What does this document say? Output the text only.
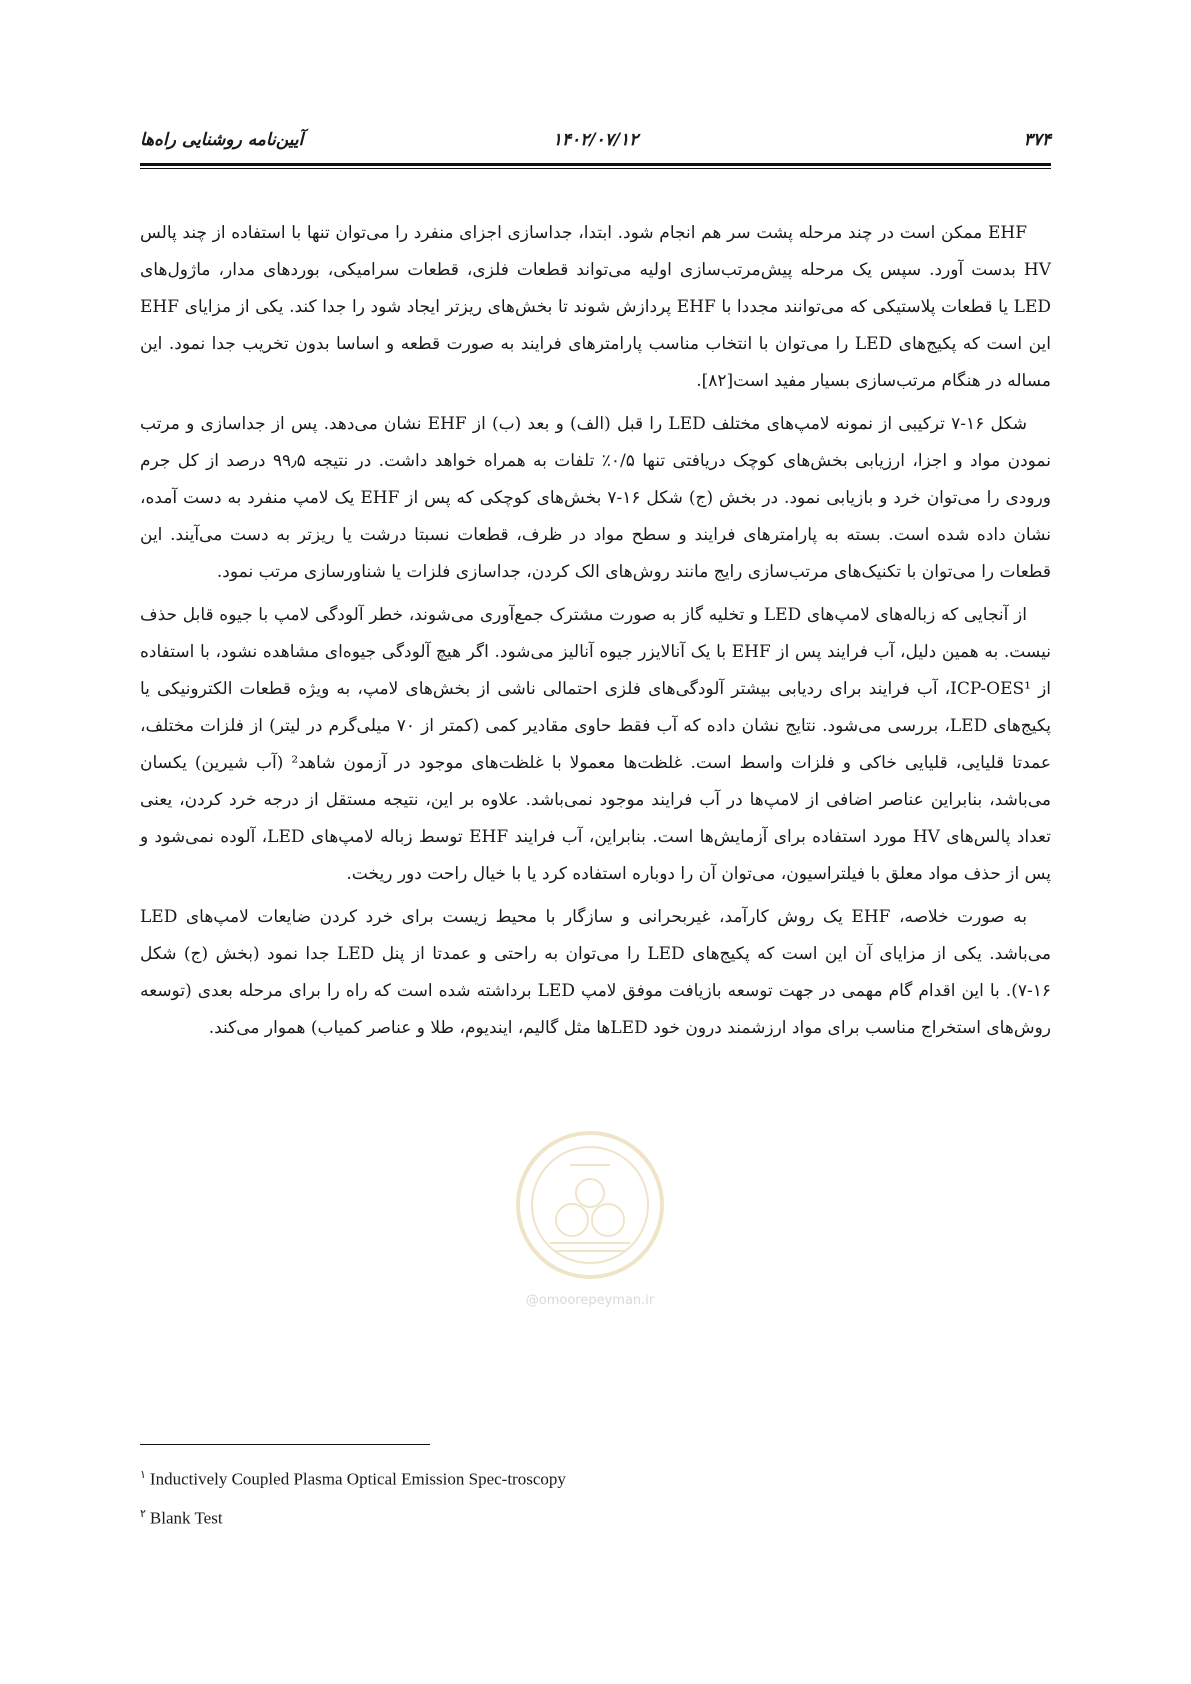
۳۷۴
۱۴۰۲/۰۷/۱۲
آیین‌نامه روشنایی راه‌ها

EHF ممکن است در چند مرحله پشت سر هم انجام شود. ابتدا، جداسازی اجزای منفرد را می‌توان تنها با استفاده از چند پالس HV بدست آورد. سپس یک مرحله پیش‌مرتب‌سازی اولیه می‌تواند قطعات فلزی، قطعات سرامیکی، بوردهای مدار، ماژول‌های LED یا قطعات پلاستیکی که می‌توانند مجددا با EHF پردازش شوند تا بخش‌های ریزتر ایجاد شود را جدا کند. یکی از مزایای EHF این است که پکیج‌های LED را می‌توان با انتخاب مناسب پارامترهای فرایند به صورت قطعه و اساسا بدون تخریب جدا نمود. این مساله در هنگام مرتب‌سازی بسیار مفید است[۸۲].

شکل ۱۶-۷ ترکیبی از نمونه لامپ‌های مختلف LED را قبل (الف) و بعد (ب) از EHF نشان می‌دهد. پس از جداسازی و مرتب نمودن مواد و اجزا، ارزیابی بخش‌های کوچک دریافتی تنها ۰/۵٪ تلفات به همراه خواهد داشت. در نتیجه ۹۹٫۵ درصد از کل جرم ورودی را می‌توان خرد و بازیابی نمود. در بخش (ج) شکل ۱۶-۷ بخش‌های کوچکی که پس از EHF یک لامپ منفرد به دست آمده، نشان داده شده است. بسته به پارامترهای فرایند و سطح مواد در ظرف، قطعات نسبتا درشت یا ریزتر به دست می‌آیند. این قطعات را می‌توان با تکنیک‌های مرتب‌سازی رایج مانند روش‌های الک کردن، جداسازی فلزات یا شناورسازی مرتب نمود.

از آنجایی که زباله‌های لامپ‌های LED و تخلیه گاز به صورت مشترک جمع‌آوری می‌شوند، خطر آلودگی لامپ با جیوه قابل حذف نیست. به همین دلیل، آب فرایند پس از EHF با یک آنالایزر جیوه آنالیز می‌شود. اگر هیچ آلودگی جیوه‌ای مشاهده نشود، با استفاده از ICP-OES¹، آب فرایند برای ردیابی بیشتر آلودگی‌های فلزی احتمالی ناشی از بخش‌های لامپ، به ویژه قطعات الکترونیکی یا پکیج‌های LED، بررسی می‌شود. نتایج نشان داده که آب فقط حاوی مقادیر کمی (کمتر از ۷۰ میلی‌گرم در لیتر) از فلزات مختلف، عمدتا قلیایی، قلیایی خاکی و فلزات واسط است. غلظت‌ها معمولا با غلظت‌های موجود در آزمون شاهد² (آب شیرین) یکسان می‌باشد، بنابراین عناصر اضافی از لامپ‌ها در آب فرایند موجود نمی‌باشد. علاوه بر این، نتیجه مستقل از درجه خرد کردن، یعنی تعداد پالس‌های HV مورد استفاده برای آزمایش‌ها است. بنابراین، آب فرایند EHF توسط زباله لامپ‌های LED، آلوده نمی‌شود و پس از حذف مواد معلق با فیلتراسیون، می‌توان آن را دوباره استفاده کرد یا با خیال راحت دور ریخت.

به صورت خلاصه، EHF یک روش کارآمد، غیربحرانی و سازگار با محیط زیست برای خرد کردن ضایعات لامپ‌های LED می‌باشد. یکی از مزایای آن این است که پکیج‌های LED را می‌توان به راحتی و عمدتا از پنل LED جدا نمود (بخش (ج) شکل ۱۶-۷). با این اقدام گام مهمی در جهت توسعه بازیافت موفق لامپ LED برداشته شده است که راه را برای مرحله بعدی (توسعه روش‌های استخراج مناسب برای مواد ارزشمند درون خود LEDها مثل گالیم، ایندیوم، طلا و عناصر کمیاب) هموار می‌کند.

@omoorepeyman.ir
$^۱$ Inductively Coupled Plasma Optical Emission Spec-troscopy
$^۲$ Blank Test
